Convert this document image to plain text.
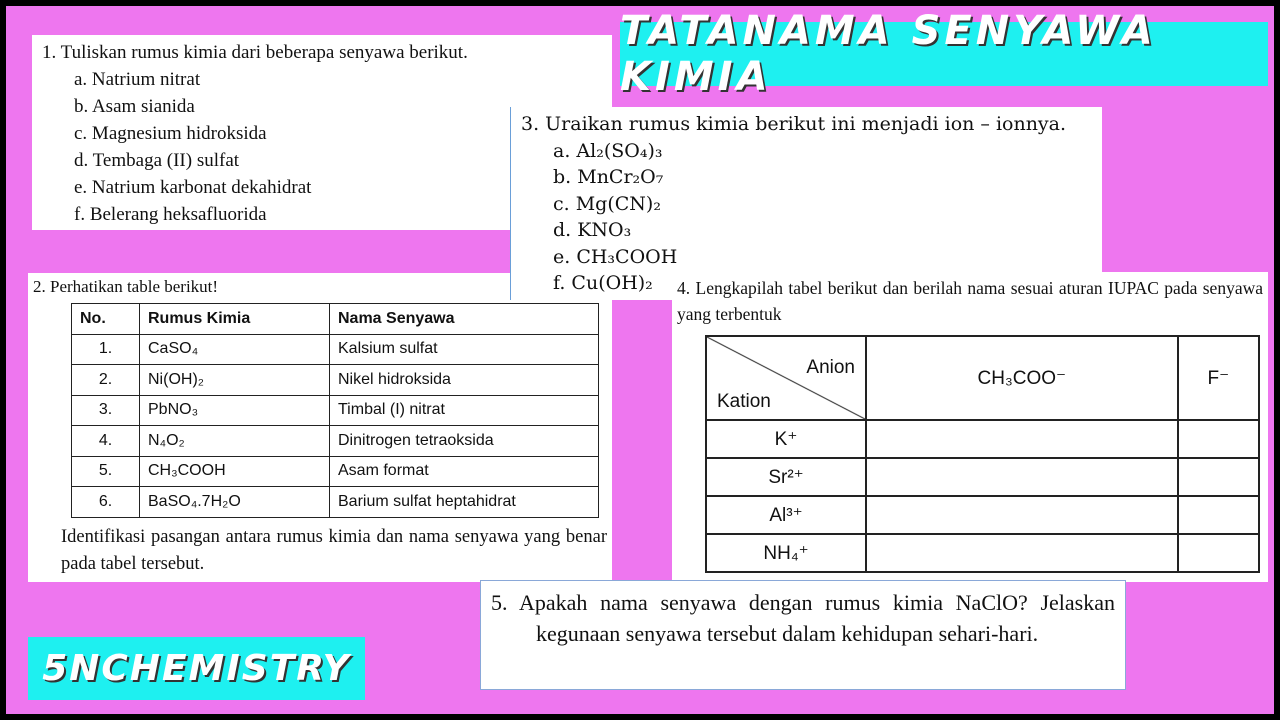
TATANAMA SENYAWA KIMIA
5NCHEMISTRY
1. Tuliskan rumus kimia dari beberapa senyawa berikut.
a. Natrium nitrat
b. Asam sianida
c. Magnesium hidroksida
d. Tembaga (II) sulfat
e. Natrium karbonat dekahidrat
f. Belerang heksafluorida
3. Uraikan rumus kimia berikut ini menjadi ion – ionnya.
a. Al₂(SO₄)₃
b. MnCr₂O₇
c. Mg(CN)₂
d. KNO₃
e. CH₃COOH
f. Cu(OH)₂
2. Perhatikan table berikut!
No.	Rumus Kimia	Nama Senyawa
1.	CaSO₄	Kalsium sulfat
2.	Ni(OH)₂	Nikel hidroksida
3.	PbNO₃	Timbal (I) nitrat
4.	N₄O₂	Dinitrogen tetraoksida
5.	CH₃COOH	Asam format
6.	BaSO₄.7H₂O	Barium sulfat heptahidrat
Identifikasi pasangan antara rumus kimia dan nama senyawa yang benar pada tabel tersebut.
4. Lengkapilah tabel berikut dan berilah nama sesuai aturan IUPAC pada senyawa yang terbentuk
Anion
Kation	CH₃COO⁻	F⁻
K⁺		
Sr²⁺		
Al³⁺		
NH₄⁺		
5. Apakah nama senyawa dengan rumus kimia NaClO? Jelaskan kegunaan senyawa tersebut dalam kehidupan sehari-hari.
